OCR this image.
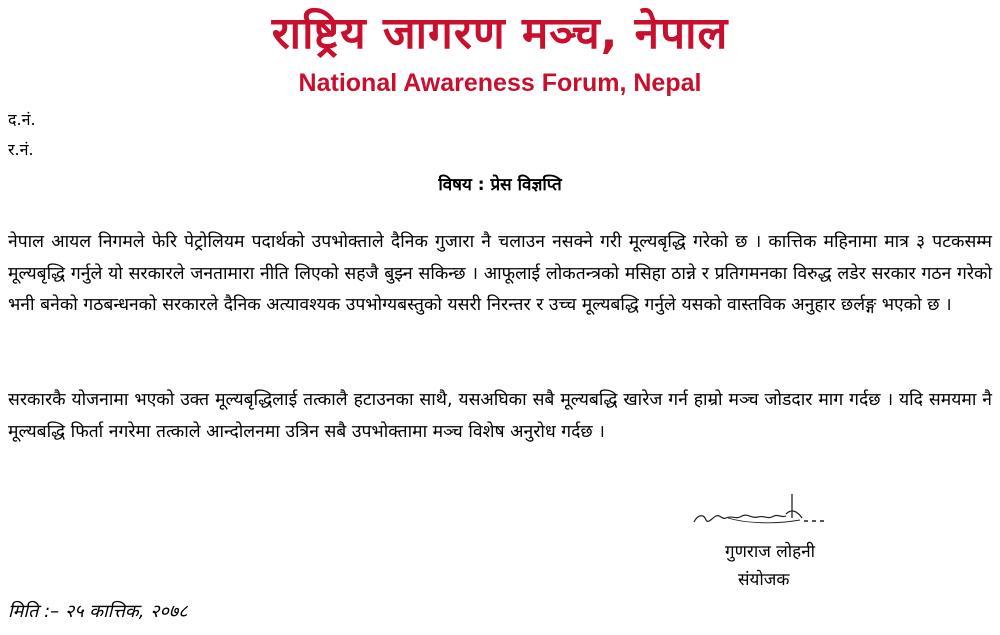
राष्ट्रिय जागरण मञ्च, नेपाल
National Awareness Forum, Nepal
द.नं.
र.नं.
विषय : प्रेस विज्ञप्ति
नेपाल आयल निगमले फेरि पेट्रोलियम पदार्थको उपभोक्ताले दैनिक गुजारा नै चलाउन नसक्ने गरी मूल्यबृद्धि गरेको छ । कात्तिक महिनामा मात्र ३ पटकसम्म मूल्यबृद्धि गर्नुले यो सरकारले जनतामारा नीति लिएको सहजै बुझ्न सकिन्छ । आफूलाई लोकतन्त्रको मसिहा ठान्ने र प्रतिगमनका विरुद्ध लडेर सरकार गठन गरेको भनी बनेको गठबन्धनको सरकारले दैनिक अत्यावश्यक उपभोग्यबस्तुको यसरी निरन्तर र उच्च मूल्यबद्धि गर्नुले यसको वास्तविक अनुहार छर्लङ्ग भएको छ ।
सरकारकै योजनामा भएको उक्त मूल्यबृद्धिलाई तत्कालै हटाउनका साथै, यसअघिका सबै मूल्यबद्धि खारेज गर्न हाम्रो मञ्च जोडदार माग गर्दछ । यदि समयमा नै मूल्यबद्धि फिर्ता नगरेमा तत्काले आन्दोलनमा उत्रिन सबै उपभोक्तामा मञ्च विशेष अनुरोध गर्दछ ।
गुणराज लोहनी
संयोजक
मिति :– २५ कात्तिक, २०७८
